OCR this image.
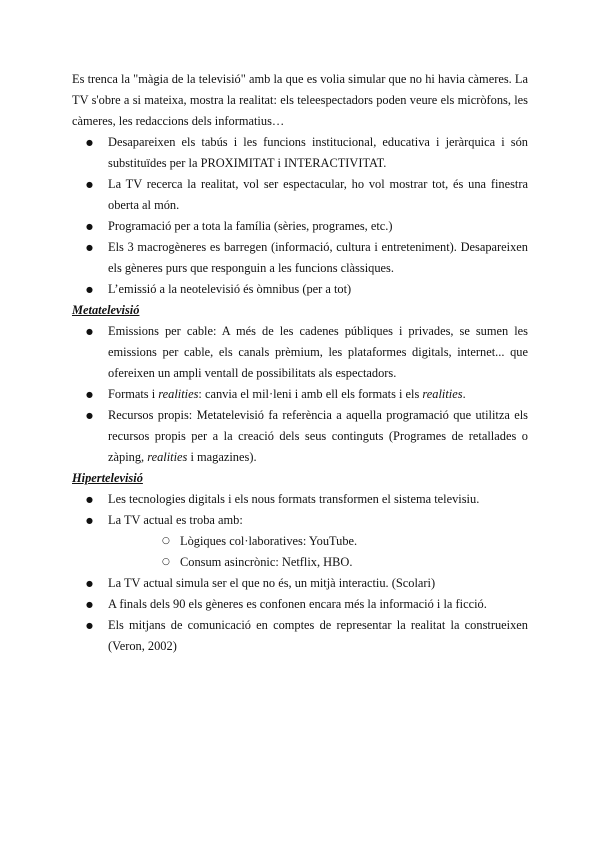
Es trenca la "màgia de la televisió" amb la que es volia simular que no hi havia càmeres. La TV s'obre a si mateixa, mostra la realitat: els teleespectadors poden veure els micròfons, les càmeres, les redaccions dels informatius…

● Desapareixen els tabús i les funcions institucional, educativa i jeràrquica i són substituïdes per la PROXIMITAT i INTERACTIVITAT.
● La TV recerca la realitat, vol ser espectacular, ho vol mostrar tot, és una finestra oberta al món.
● Programació per a tota la família (sèries, programes, etc.)
● Els 3 macrogèneres es barregen (informació, cultura i entreteniment). Desapareixen els gèneres purs que responguin a les funcions clàssiques.
● L’emissió a la neotelevisió és òmnibus (per a tot)
Metatelevisió
● Emissions per cable: A més de les cadenes públiques i privades, se sumen les emissions per cable, els canals prèmium, les plataformes digitals, internet... que ofereixen un ampli ventall de possibilitats als espectadors.
● Formats i realities: canvia el mil·leni i amb ell els formats i els realities.
● Recursos propis: Metatelevisió fa referència a aquella programació que utilitza els recursos propis per a la creació dels seus continguts (Programes de retallades o zàping, realities i magazines).
Hipertelevisió
● Les tecnologies digitals i els nous formats transformen el sistema televisiu.
● La TV actual es troba amb:
○ Lògiques col·laboratives: YouTube.
○ Consum asincrònic: Netflix, HBO.
● La TV actual simula ser el que no és, un mitjà interactiu. (Scolari)
● A finals dels 90 els gèneres es confonen encara més la informació i la ficció.
● Els mitjans de comunicació en comptes de representar la realitat la construeixen (Veron, 2002)
